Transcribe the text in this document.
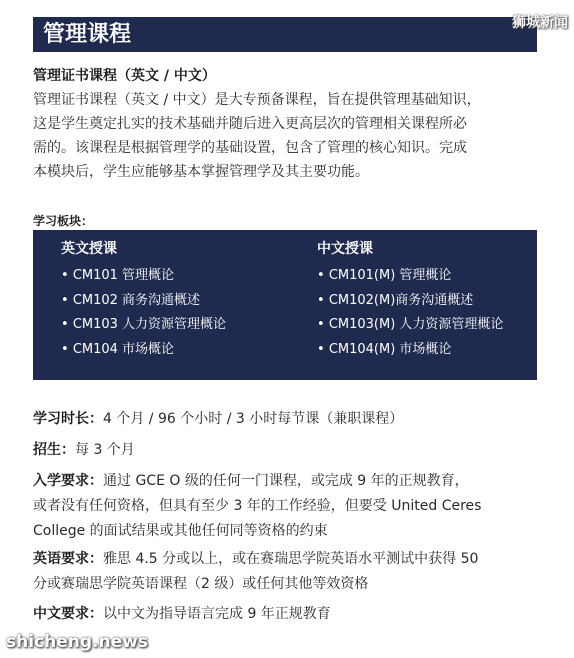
管理课程	狮城新闻
管理证书课程（英文 / 中文）

管理证书课程（英文 / 中文）是大专预备课程，旨在提供管理基础知识，

这是学生奠定扎实的技术基础并随后进入更高层次的管理相关课程所必

需的。该课程是根据管理学的基础设置，包含了管理的核心知识。完成

本模块后，学生应能够基本掌握管理学及其主要功能。

学习板块：
英文授课
• CM101 管理概论
• CM102 商务沟通概述
• CM103 人力资源管理概论
• CM104 市场概论
中文授课
• CM101(M) 管理概论
• CM102(M)商务沟通概述
• CM103(M) 人力资源管理概论
• CM104(M) 市场概论

学习时长：4 个月 / 96 个小时 / 3 小时每节课（兼职课程）

招生：每 3 个月

入学要求：通过 GCE O 级的任何一门课程，或完成 9 年的正规教育，

或者没有任何资格，但具有至少 3 年的工作经验，但要受 United Ceres

College 的面试结果或其他任何同等资格的约束

英语要求：雅思 4.5 分或以上，或在赛瑞思学院英语水平测试中获得 50

分或赛瑞思学院英语课程（2 级）或任何其他等效资格

中文要求：以中文为指导语言完成 9 年正规教育

shicheng.news
